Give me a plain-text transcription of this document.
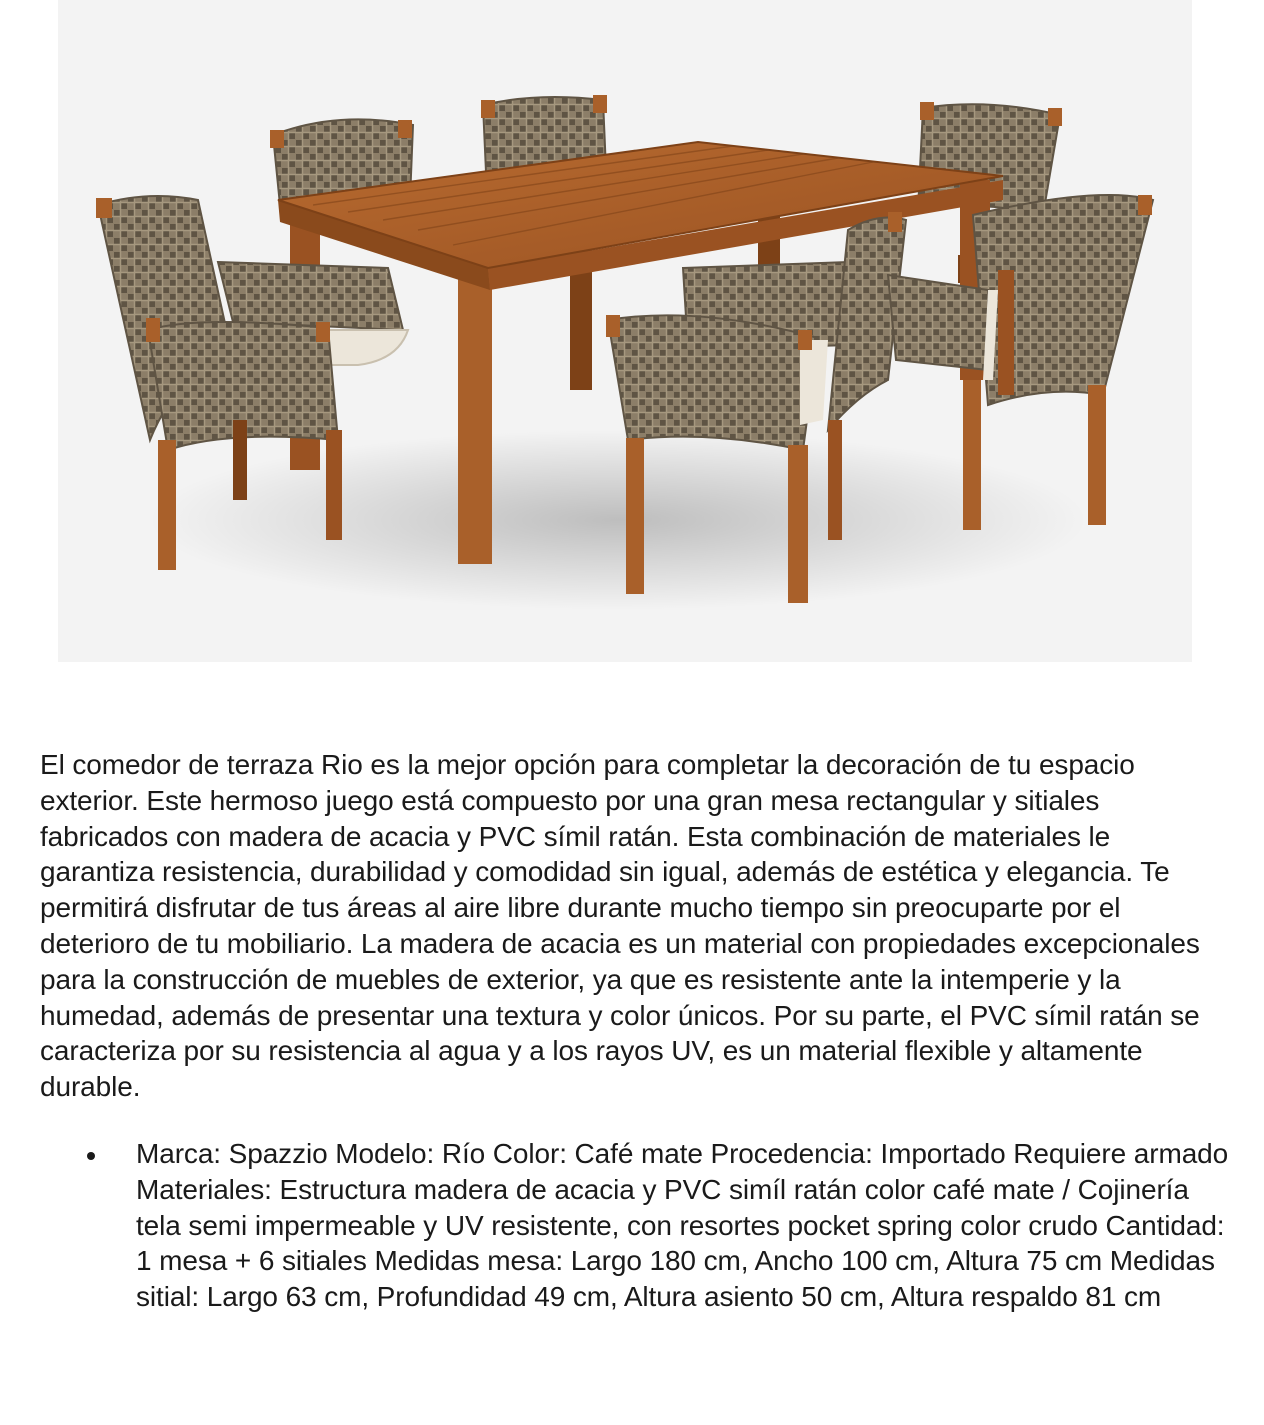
El comedor de terraza Rio es la mejor opción para completar la decoración de tu espacio exterior. Este hermoso juego está compuesto por una gran mesa rectangular y sitiales fabricados con madera de acacia y PVC símil ratán. Esta combinación de materiales le garantiza resistencia, durabilidad y comodidad sin igual, además de estética y elegancia. Te permitirá disfrutar de tus áreas al aire libre durante mucho tiempo sin preocuparte por el deterioro de tu mobiliario. La madera de acacia es un material con propiedades excepcionales para la construcción de muebles de exterior, ya que es resistente ante la intemperie y la humedad, además de presentar una textura y color únicos. Por su parte, el PVC símil ratán se caracteriza por su resistencia al agua y a los rayos UV, es un material flexible y altamente durable.

Marca: Spazzio Modelo: Río Color: Café mate Procedencia: Importado Requiere armado Materiales: Estructura madera de acacia y PVC simíl ratán color café mate / Cojinería tela semi impermeable y UV resistente, con resortes pocket spring color crudo Cantidad: 1 mesa + 6 sitiales Medidas mesa: Largo 180 cm, Ancho 100 cm, Altura 75 cm Medidas sitial: Largo 63 cm, Profundidad 49 cm, Altura asiento 50 cm, Altura respaldo 81 cm
